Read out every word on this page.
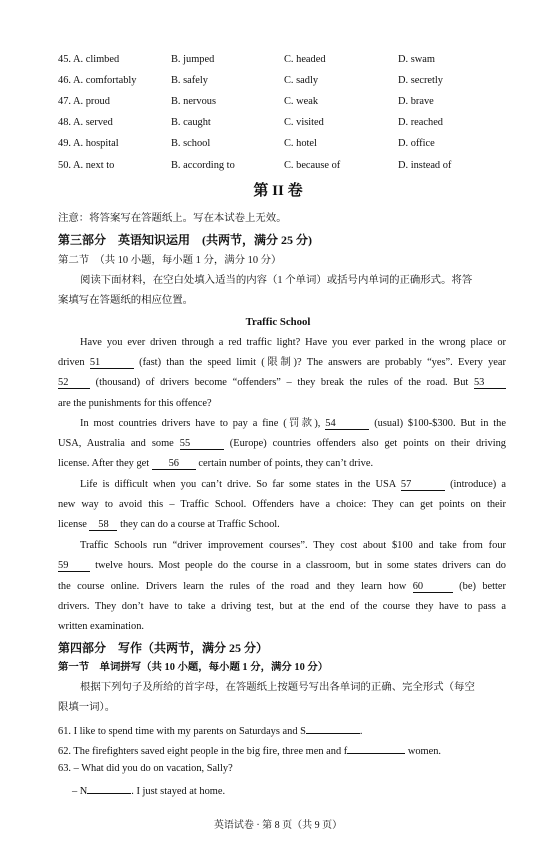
45. A. climbed	B. jumped	C. headed	D. swam
46. A. comfortably	B. safely	C. sadly	D. secretly
47. A. proud	B. nervous	C. weak	D. brave
48. A. served	B. caught	C. visited	D. reached
49. A. hospital	B. school	C. hotel	D. office
50. A. next to	B. according to	C. because of	D. instead of
第 II 卷
注意：将答案写在答题纸上。写在本试卷上无效。
第三部分　英语知识运用　(共两节，满分 25 分)
第二节　（共 10 小题，每小题 1 分，满分 10 分）
阅读下面材料，在空白处填入适当的内容（1 个单词）或括号内单词的正确形式。将答
案填写在答题纸的相应位置。
Traffic School
Have you ever driven through a red traffic light? Have you ever parked in the wrong place or
driven 51	(fast) than the speed limit (限制)? The answers are probably “yes”. Every year
52	(thousand) of drivers become “offenders” – they break the rules of the road. But 53
are the punishments for this offence?
In most countries drivers have to pay a fine (罚款), 54	(usual) $100-$300. But in the
USA, Australia and some 55	(Europe) countries offenders also get points on their driving
license. After they get 56 certain number of points, they can’t drive.
Life is difficult when you can’t drive. So far some states in the USA 57	(introduce) a
new way to avoid this – Traffic School. Offenders have a choice: They can get points on their
license 58 they can do a course at Traffic School.
Traffic Schools run “driver improvement courses”. They cost about $100 and take from four
59	twelve hours. Most people do the course in a classroom, but in some states drivers can do
the course online. Drivers learn the rules of the road and they learn how 60	(be) better
drivers. They don’t have to take a driving test, but at the end of the course they have to pass a
written examination.
第四部分　写作（共两节，满分 25 分）
第一节　单词拼写（共 10 小题，每小题 1 分，满分 10 分）
根据下列句子及所给的首字母，在答题纸上按题号写出各单词的正确、完全形式（每空
限填一词）。
61. I like to spend time with my parents on Saturdays and S	.
62. The firefighters saved eight people in the big fire, three men and f	women.
63. – What did you do on vacation, Sally?
– N	. I just stayed at home.
英语试卷 · 第 8 页（共 9 页）
